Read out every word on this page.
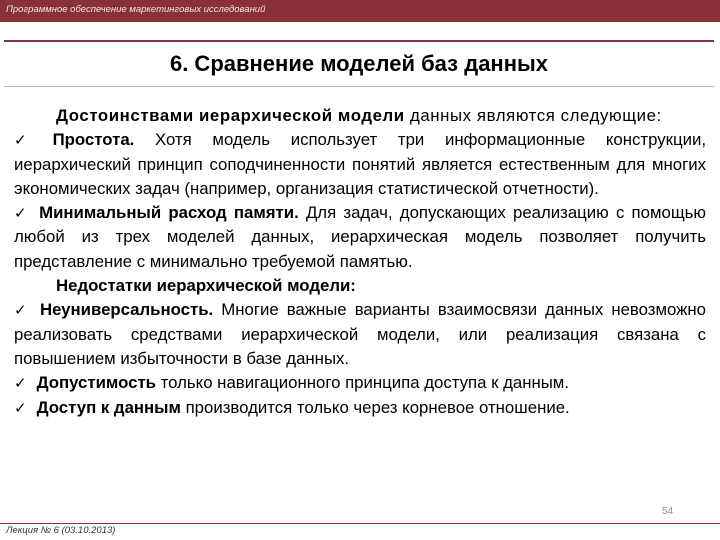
Программное обеспечение маркетинговых исследований
6. Сравнение моделей баз данных

Достоинствами иерархической модели данных являются следующие:

✓ Простота. Хотя модель использует три информационные конструкции, иерархический принцип соподчиненности понятий является естественным для многих экономических задач (например, организация статистической отчетности).

✓ Минимальный расход памяти. Для задач, допускающих реализацию с помощью любой из трех моделей данных, иерархическая модель позволяет получить представление с минимально требуемой памятью.

Недостатки иерархической модели:

✓ Неуниверсальность. Многие важные варианты взаимосвязи данных невозможно реализовать средствами иерархической модели, или реализация связана с повышением избыточности в базе данных.

✓ Допустимость только навигационного принципа доступа к данным.

✓ Доступ к данным производится только через корневое отношение.

54
Лекция № 6 (03.10.2013)
